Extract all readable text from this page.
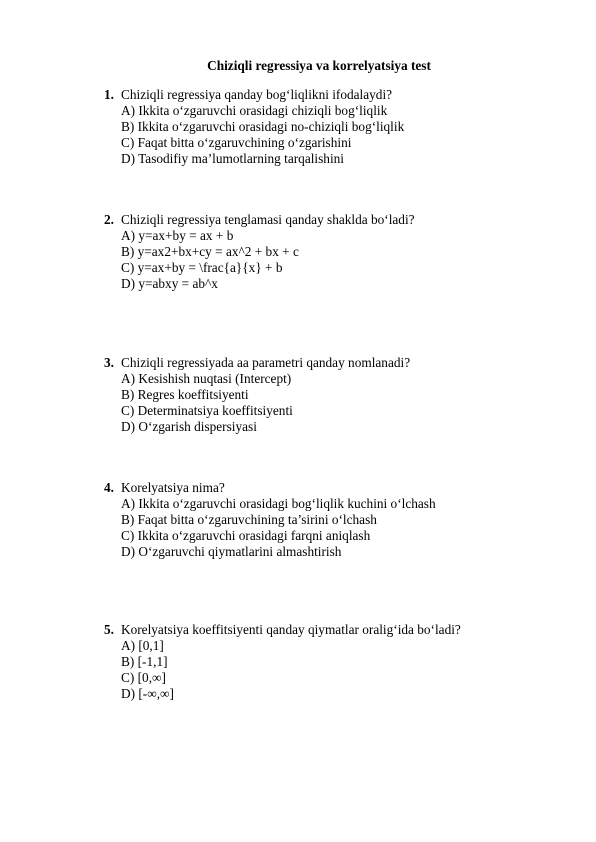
Chiziqli regressiya va korrelyatsiya test
1. Chiziqli regressiya qanday bog‘liqlikni ifodalaydi?
A) Ikkita o‘zgaruvchi orasidagi chiziqli bog‘liqlik
B) Ikkita o‘zgaruvchi orasidagi no-chiziqli bog‘liqlik
C) Faqat bitta o‘zgaruvchining o‘zgarishini
D) Tasodifiy ma’lumotlarning tarqalishini
2. Chiziqli regressiya tenglamasi qanday shaklda bo‘ladi?
A) y=ax+by = ax + b
B) y=ax2+bx+cy = ax^2 + bx + c
C) y=ax+by = \frac{a}{x} + b
D) y=abxy = ab^x
3. Chiziqli regressiyada aa parametri qanday nomlanadi?
A) Kesishish nuqtasi (Intercept)
B) Regres koeffitsiyenti
C) Determinatsiya koeffitsiyenti
D) O‘zgarish dispersiyasi
4. Korelyatsiya nima?
A) Ikkita o‘zgaruvchi orasidagi bog‘liqlik kuchini o‘lchash
B) Faqat bitta o‘zgaruvchining ta’sirini o‘lchash
C) Ikkita o‘zgaruvchi orasidagi farqni aniqlash
D) O‘zgaruvchi qiymatlarini almashtirish
5. Korelyatsiya koeffitsiyenti qanday qiymatlar oralig‘ida bo‘ladi?
A) [0,1]
B) [-1,1]
C) [0,∞]
D) [-∞,∞]
